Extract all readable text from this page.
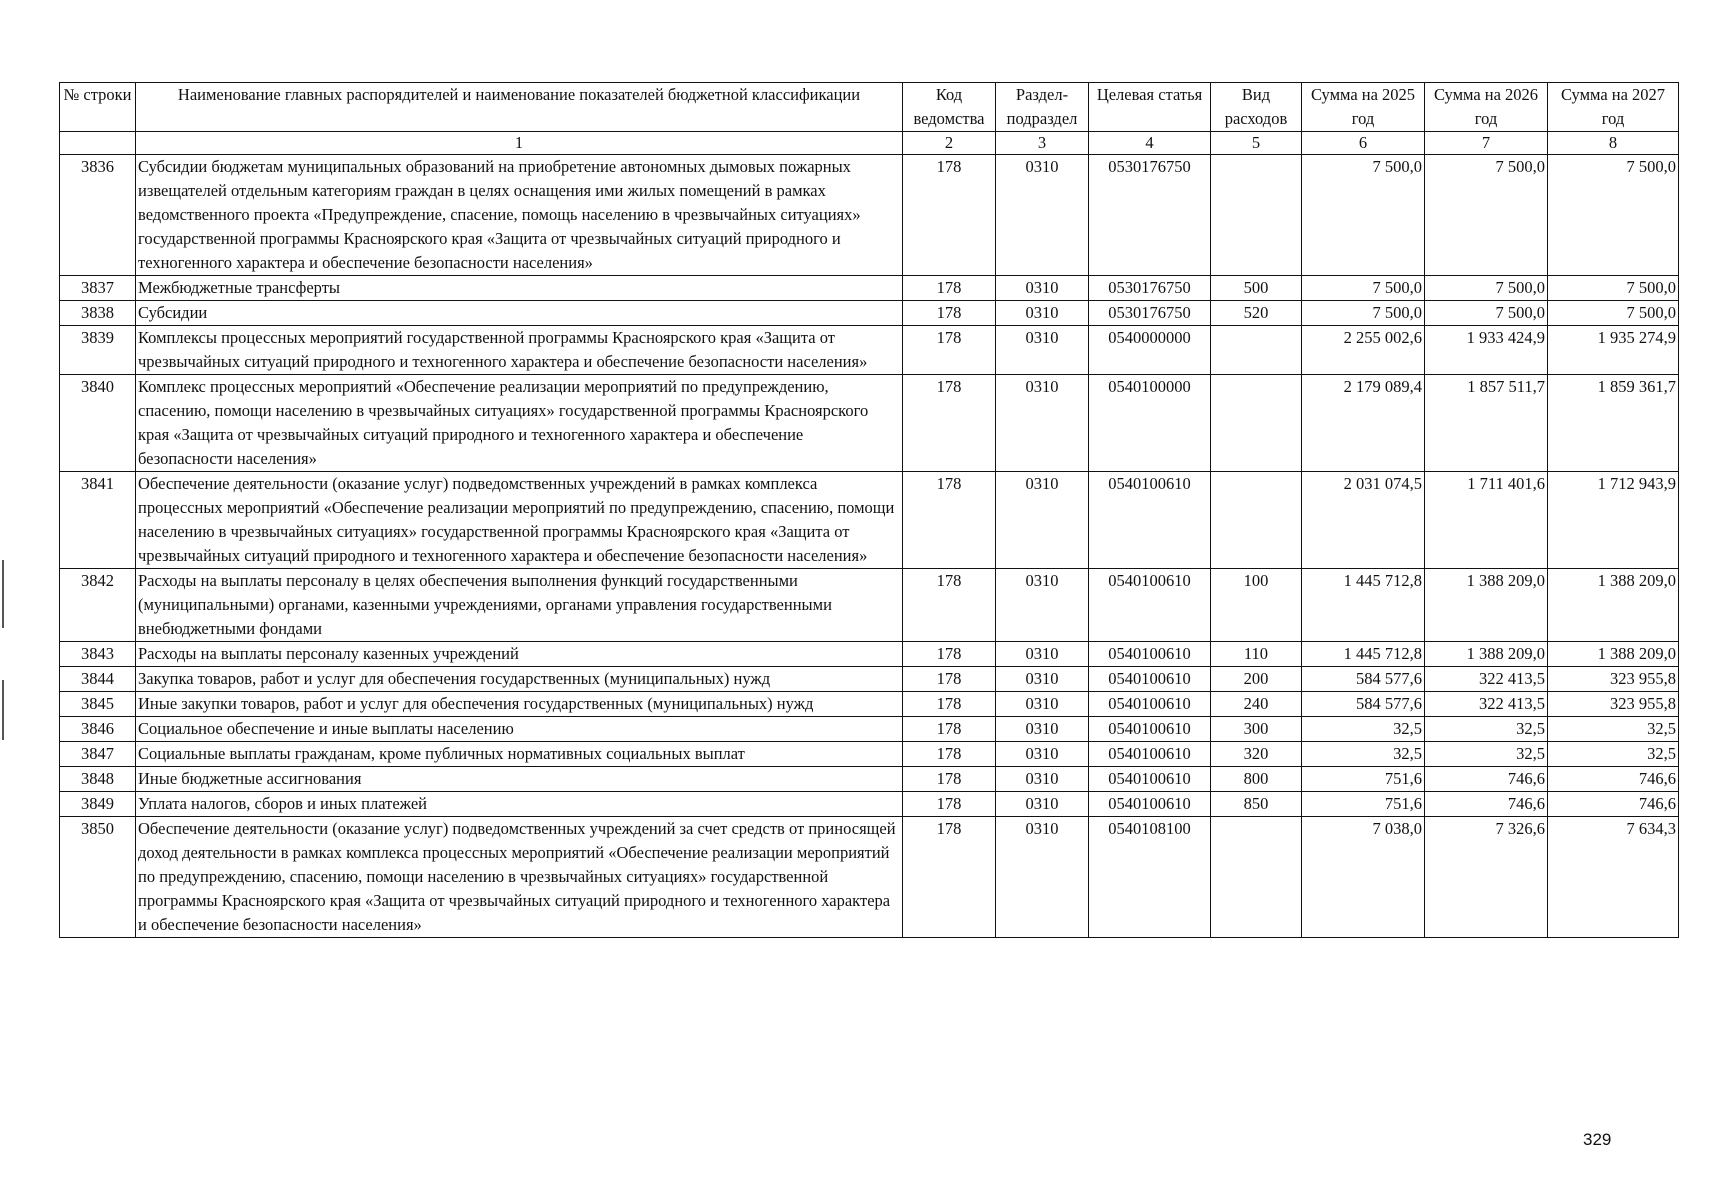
№ строки	Наименование главных распорядителей и наименование показателей бюджетной классификации	Код ведомства	Раздел-подраздел	Целевая статья	Вид расходов	Сумма на 2025 год	Сумма на 2026 год	Сумма на 2027 год
	1	2	3	4	5	6	7	8
3836	Субсидии бюджетам муниципальных образований на приобретение автономных дымовых пожарных извещателей отдельным категориям граждан в целях оснащения ими жилых помещений в рамках ведомственного проекта «Предупреждение, спасение, помощь населению в чрезвычайных ситуациях» государственной программы Красноярского края «Защита от чрезвычайных ситуаций природного и техногенного характера и обеспечение безопасности населения»	178	0310	0530176750		7 500,0	7 500,0	7 500,0
3837	Межбюджетные трансферты	178	0310	0530176750	500	7 500,0	7 500,0	7 500,0
3838	Субсидии	178	0310	0530176750	520	7 500,0	7 500,0	7 500,0
3839	Комплексы процессных мероприятий государственной программы Красноярского края «Защита от чрезвычайных ситуаций природного и техногенного характера и обеспечение безопасности населения»	178	0310	0540000000		2 255 002,6	1 933 424,9	1 935 274,9
3840	Комплекс процессных мероприятий «Обеспечение реализации мероприятий по предупреждению, спасению, помощи населению в чрезвычайных ситуациях» государственной программы Красноярского края «Защита от чрезвычайных ситуаций природного и техногенного характера и обеспечение безопасности населения»	178	0310	0540100000		2 179 089,4	1 857 511,7	1 859 361,7
3841	Обеспечение деятельности (оказание услуг) подведомственных учреждений в рамках комплекса процессных мероприятий «Обеспечение реализации мероприятий по предупреждению, спасению, помощи населению в чрезвычайных ситуациях» государственной программы Красноярского края «Защита от чрезвычайных ситуаций природного и техногенного характера и обеспечение безопасности населения»	178	0310	0540100610		2 031 074,5	1 711 401,6	1 712 943,9
3842	Расходы на выплаты персоналу в целях обеспечения выполнения функций государственными (муниципальными) органами, казенными учреждениями, органами управления государственными внебюджетными фондами	178	0310	0540100610	100	1 445 712,8	1 388 209,0	1 388 209,0
3843	Расходы на выплаты персоналу казенных учреждений	178	0310	0540100610	110	1 445 712,8	1 388 209,0	1 388 209,0
3844	Закупка товаров, работ и услуг для обеспечения государственных (муниципальных) нужд	178	0310	0540100610	200	584 577,6	322 413,5	323 955,8
3845	Иные закупки товаров, работ и услуг для обеспечения государственных (муниципальных) нужд	178	0310	0540100610	240	584 577,6	322 413,5	323 955,8
3846	Социальное обеспечение и иные выплаты населению	178	0310	0540100610	300	32,5	32,5	32,5
3847	Социальные выплаты гражданам, кроме публичных нормативных социальных выплат	178	0310	0540100610	320	32,5	32,5	32,5
3848	Иные бюджетные ассигнования	178	0310	0540100610	800	751,6	746,6	746,6
3849	Уплата налогов, сборов и иных платежей	178	0310	0540100610	850	751,6	746,6	746,6
3850	Обеспечение деятельности (оказание услуг) подведомственных учреждений за счет средств от приносящей доход деятельности в рамках комплекса процессных мероприятий «Обеспечение реализации мероприятий по предупреждению, спасению, помощи населению в чрезвычайных ситуациях» государственной программы Красноярского края «Защита от чрезвычайных ситуаций природного и техногенного характера и обеспечение безопасности населения»	178	0310	0540108100		7 038,0	7 326,6	7 634,3
329
